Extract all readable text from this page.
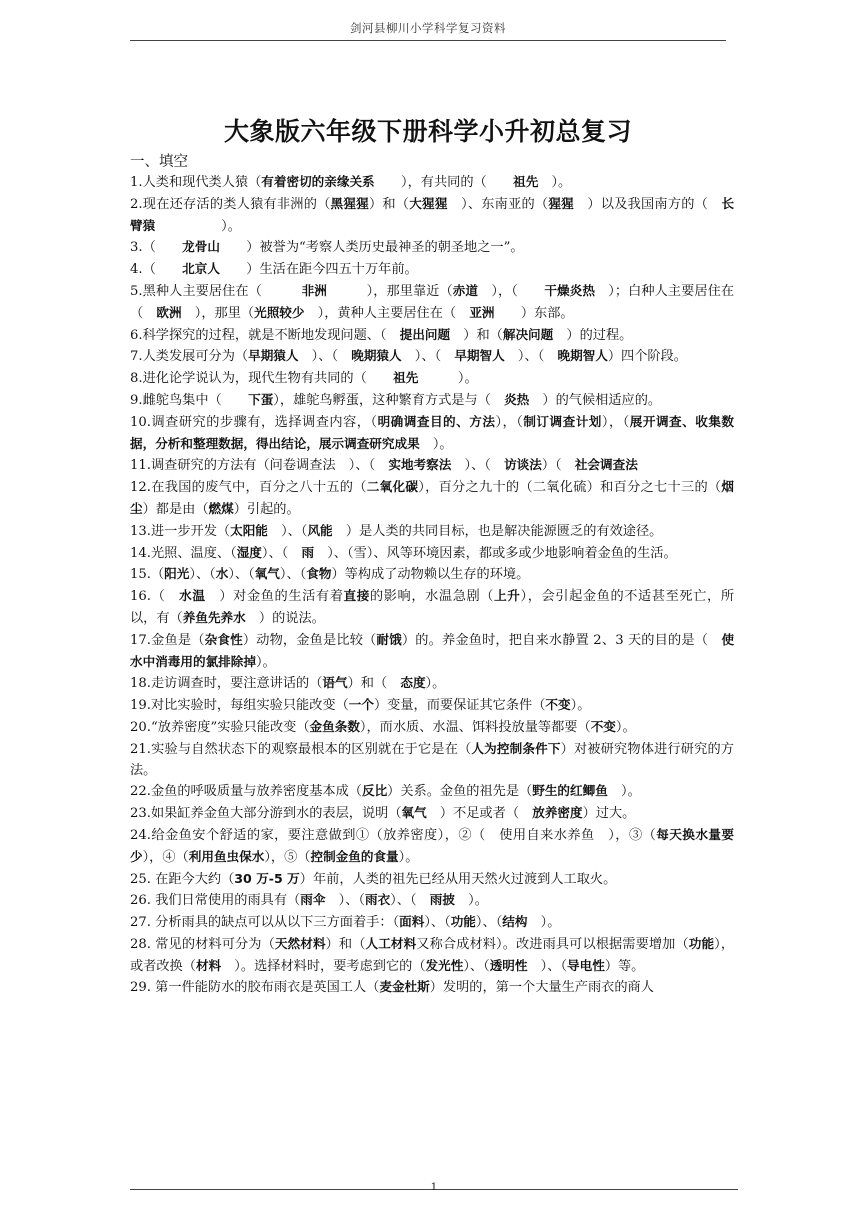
剑河县柳川小学科学复习资料
大象版六年级下册科学小升初总复习
一、填空

1.人类和现代类人猿（有着密切的亲缘关系　　），有共同的（　　祖先　）。

2.现在还存活的类人猿有非洲的（黑猩猩）和（大猩猩　）、东南亚的（猩猩　）以及我国南方的（　长臂猿　　　　　）。

3.（　　龙骨山　　）被誉为“考察人类历史最神圣的朝圣地之一”。

4.（　　北京人　　）生活在距今四五十万年前。

5.黑种人主要居住在（　　　非洲　　　），那里靠近（赤道　），（　　干燥炎热　）；白种人主要居住在（　欧洲　），那里（光照较少　），黄种人主要居住在（　亚洲　　）东部。

6.科学探究的过程，就是不断地发现问题、（　提出问题　）和（解决问题　）的过程。

7.人类发展可分为（早期猿人　）、（　晚期猿人　）、（　早期智人　）、（　晚期智人）四个阶段。

8.进化论学说认为，现代生物有共同的（　　祖先　　　）。

9.雌鸵鸟集中（　　下蛋），雄鸵鸟孵蛋，这种繁育方式是与（　炎热　）的气候相适应的。

10.调查研究的步骤有，选择调查内容，（明确调查目的、方法），（制订调查计划），（展开调查、收集数据，分析和整理数据，得出结论，展示调查研究成果　）。

11.调查研究的方法有（问卷调查法　）、（　实地考察法　）、（　访谈法）（　社会调查法

12.在我国的废气中，百分之八十五的（二氧化碳），百分之九十的（二氧化硫）和百分之七十三的（烟尘）都是由（燃煤）引起的。

13.进一步开发（太阳能　）、（风能　）是人类的共同目标，也是解决能源匮乏的有效途径。

14.光照、温度、（湿度）、（　雨　）、（雪）、风等环境因素，都或多或少地影响着金鱼的生活。

15.（阳光）、（水）、（氧气）、（食物）等构成了动物赖以生存的环境。

16.（　水温　）对金鱼的生活有着直接的影响，水温急剧（上升），会引起金鱼的不适甚至死亡，所以，有（养鱼先养水　）的说法。

17.金鱼是（杂食性）动物，金鱼是比较（耐饿）的。养金鱼时，把自来水静置 2、3 天的目的是（　使水中消毒用的氯排除掉）。

18.走访调查时，要注意讲话的（语气）和（　态度）。

19.对比实验时，每组实验只能改变（一个）变量，而要保证其它条件（不变）。

20.“放养密度”实验只能改变（金鱼条数），而水质、水温、饵料投放量等都要（不变）。

21.实验与自然状态下的观察最根本的区别就在于它是在（人为控制条件下）对被研究物体进行研究的方法。

22.金鱼的呼吸质量与放养密度基本成（反比）关系。金鱼的祖先是（野生的红鲫鱼　）。

23.如果缸养金鱼大部分游到水的表层，说明（氧气　）不足或者（　放养密度）过大。

24.给金鱼安个舒适的家，要注意做到①（放养密度），②（　使用自来水养鱼　），③（每天换水量要少），④（利用鱼虫保水），⑤（控制金鱼的食量）。

25. 在距今大约（30 万-5 万）年前，人类的祖先已经从用天然火过渡到人工取火。

26. 我们日常使用的雨具有（雨伞　）、（雨衣）、（　雨披　）。

27. 分析雨具的缺点可以从以下三方面着手：（面料）、（功能）、（结构　）。

28. 常见的材料可分为（天然材料）和（人工材料又称合成材料）。改进雨具可以根据需要增加（功能），或者改换（材料　）。选择材料时，要考虑到它的（发光性）、（透明性　）、（导电性）等。

29. 第一件能防水的胶布雨衣是英国工人（麦金杜斯）发明的，第一个大量生产雨衣的商人

1
